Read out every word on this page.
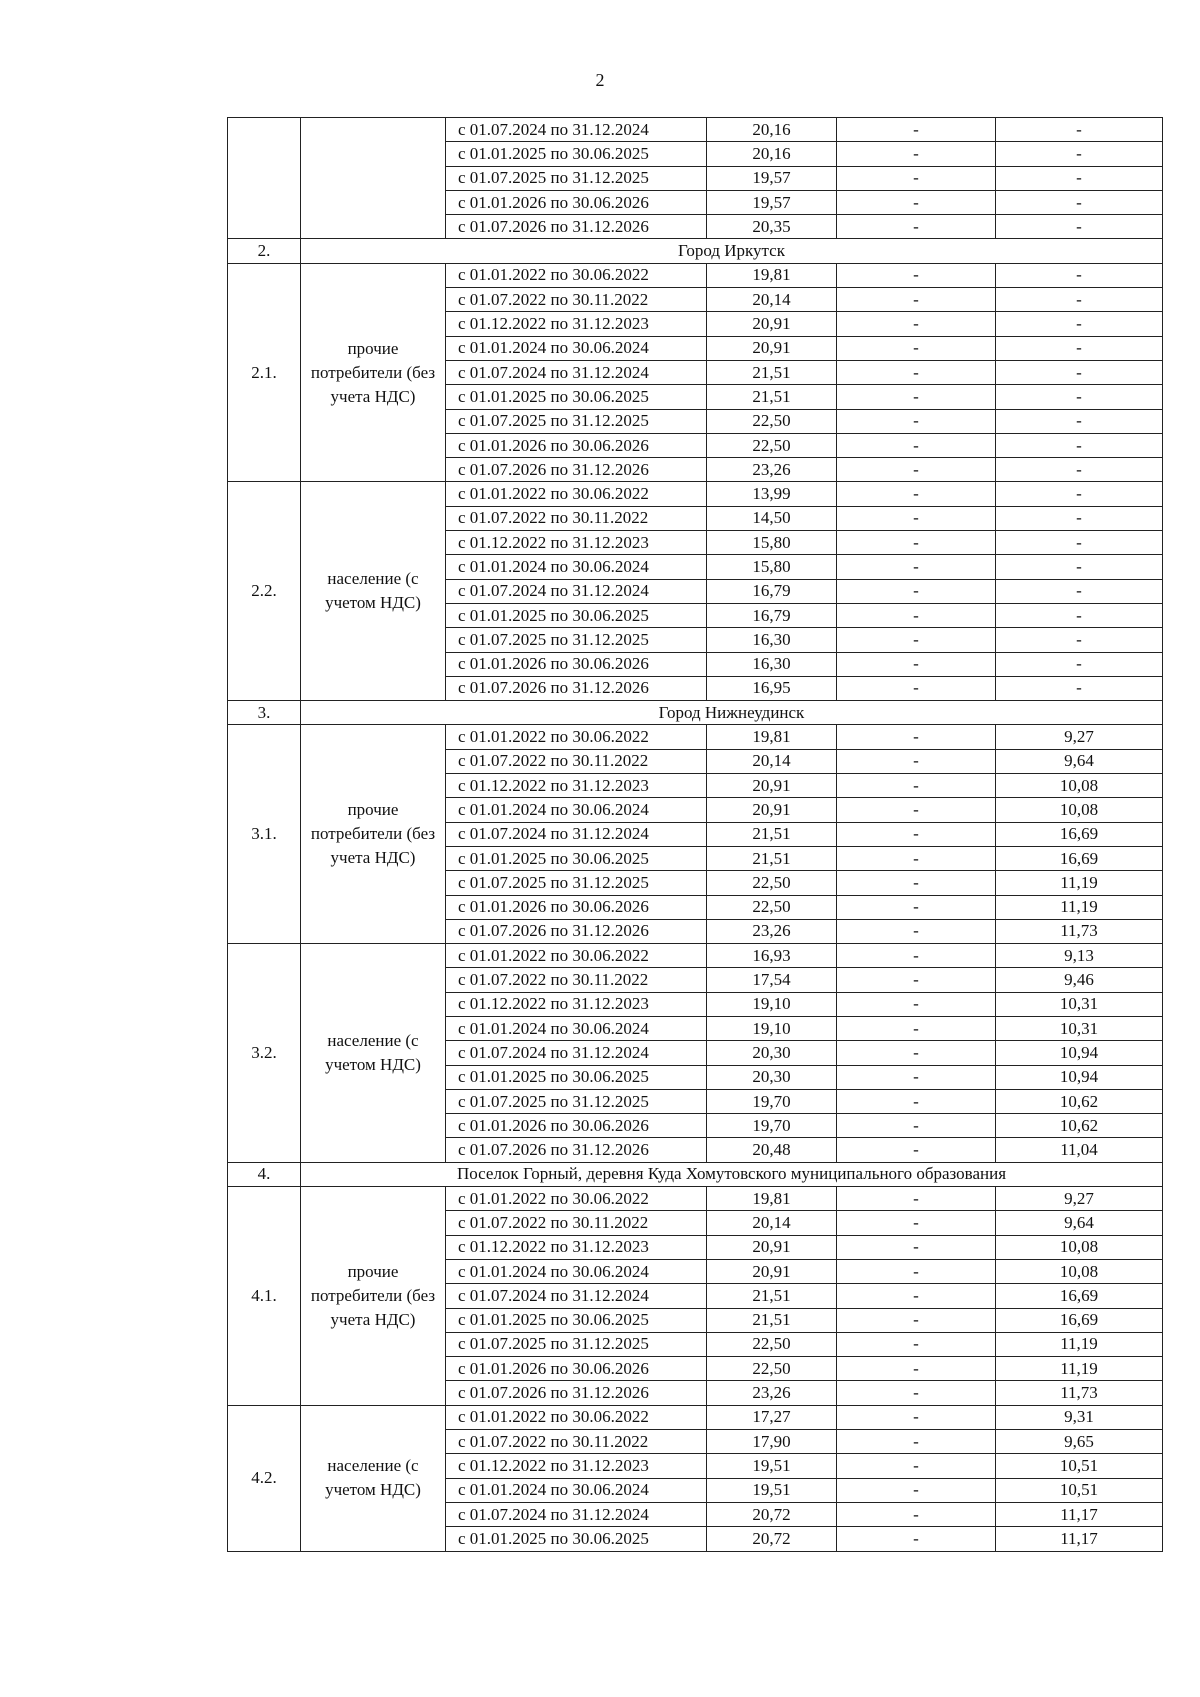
2
		с 01.07.2024 по 31.12.2024	20,16	-	-
		с 01.01.2025 по 30.06.2025	20,16	-	-
		с 01.07.2025 по 31.12.2025	19,57	-	-
		с 01.01.2026 по 30.06.2026	19,57	-	-
		с 01.07.2026 по 31.12.2026	20,35	-	-
2.	Город Иркутск				
2.1.	прочие потребители (без учета НДС)	с 01.01.2022 по 30.06.2022	19,81	-	-
		с 01.07.2022 по 30.11.2022	20,14	-	-
		с 01.12.2022 по 31.12.2023	20,91	-	-
		с 01.01.2024 по 30.06.2024	20,91	-	-
		с 01.07.2024 по 31.12.2024	21,51	-	-
		с 01.01.2025 по 30.06.2025	21,51	-	-
		с 01.07.2025 по 31.12.2025	22,50	-	-
		с 01.01.2026 по 30.06.2026	22,50	-	-
		с 01.07.2026 по 31.12.2026	23,26	-	-
2.2.	население (с учетом НДС)	с 01.01.2022 по 30.06.2022	13,99	-	-
		с 01.07.2022 по 30.11.2022	14,50	-	-
		с 01.12.2022 по 31.12.2023	15,80	-	-
		с 01.01.2024 по 30.06.2024	15,80	-	-
		с 01.07.2024 по 31.12.2024	16,79	-	-
		с 01.01.2025 по 30.06.2025	16,79	-	-
		с 01.07.2025 по 31.12.2025	16,30	-	-
		с 01.01.2026 по 30.06.2026	16,30	-	-
		с 01.07.2026 по 31.12.2026	16,95	-	-
3.	Город Нижнеудинск				
3.1.	прочие потребители (без учета НДС)	с 01.01.2022 по 30.06.2022	19,81	-	9,27
		с 01.07.2022 по 30.11.2022	20,14	-	9,64
		с 01.12.2022 по 31.12.2023	20,91	-	10,08
		с 01.01.2024 по 30.06.2024	20,91	-	10,08
		с 01.07.2024 по 31.12.2024	21,51	-	16,69
		с 01.01.2025 по 30.06.2025	21,51	-	16,69
		с 01.07.2025 по 31.12.2025	22,50	-	11,19
		с 01.01.2026 по 30.06.2026	22,50	-	11,19
		с 01.07.2026 по 31.12.2026	23,26	-	11,73
3.2.	население (с учетом НДС)	с 01.01.2022 по 30.06.2022	16,93	-	9,13
		с 01.07.2022 по 30.11.2022	17,54	-	9,46
		с 01.12.2022 по 31.12.2023	19,10	-	10,31
		с 01.01.2024 по 30.06.2024	19,10	-	10,31
		с 01.07.2024 по 31.12.2024	20,30	-	10,94
		с 01.01.2025 по 30.06.2025	20,30	-	10,94
		с 01.07.2025 по 31.12.2025	19,70	-	10,62
		с 01.01.2026 по 30.06.2026	19,70	-	10,62
		с 01.07.2026 по 31.12.2026	20,48	-	11,04
4.	Поселок Горный, деревня Куда Хомутовского муниципального образования				
4.1.	прочие потребители (без учета НДС)	с 01.01.2022 по 30.06.2022	19,81	-	9,27
		с 01.07.2022 по 30.11.2022	20,14	-	9,64
		с 01.12.2022 по 31.12.2023	20,91	-	10,08
		с 01.01.2024 по 30.06.2024	20,91	-	10,08
		с 01.07.2024 по 31.12.2024	21,51	-	16,69
		с 01.01.2025 по 30.06.2025	21,51	-	16,69
		с 01.07.2025 по 31.12.2025	22,50	-	11,19
		с 01.01.2026 по 30.06.2026	22,50	-	11,19
		с 01.07.2026 по 31.12.2026	23,26	-	11,73
4.2.	население (с учетом НДС)	с 01.01.2022 по 30.06.2022	17,27	-	9,31
		с 01.07.2022 по 30.11.2022	17,90	-	9,65
		с 01.12.2022 по 31.12.2023	19,51	-	10,51
		с 01.01.2024 по 30.06.2024	19,51	-	10,51
		с 01.07.2024 по 31.12.2024	20,72	-	11,17
		с 01.01.2025 по 30.06.2025	20,72	-	11,17
